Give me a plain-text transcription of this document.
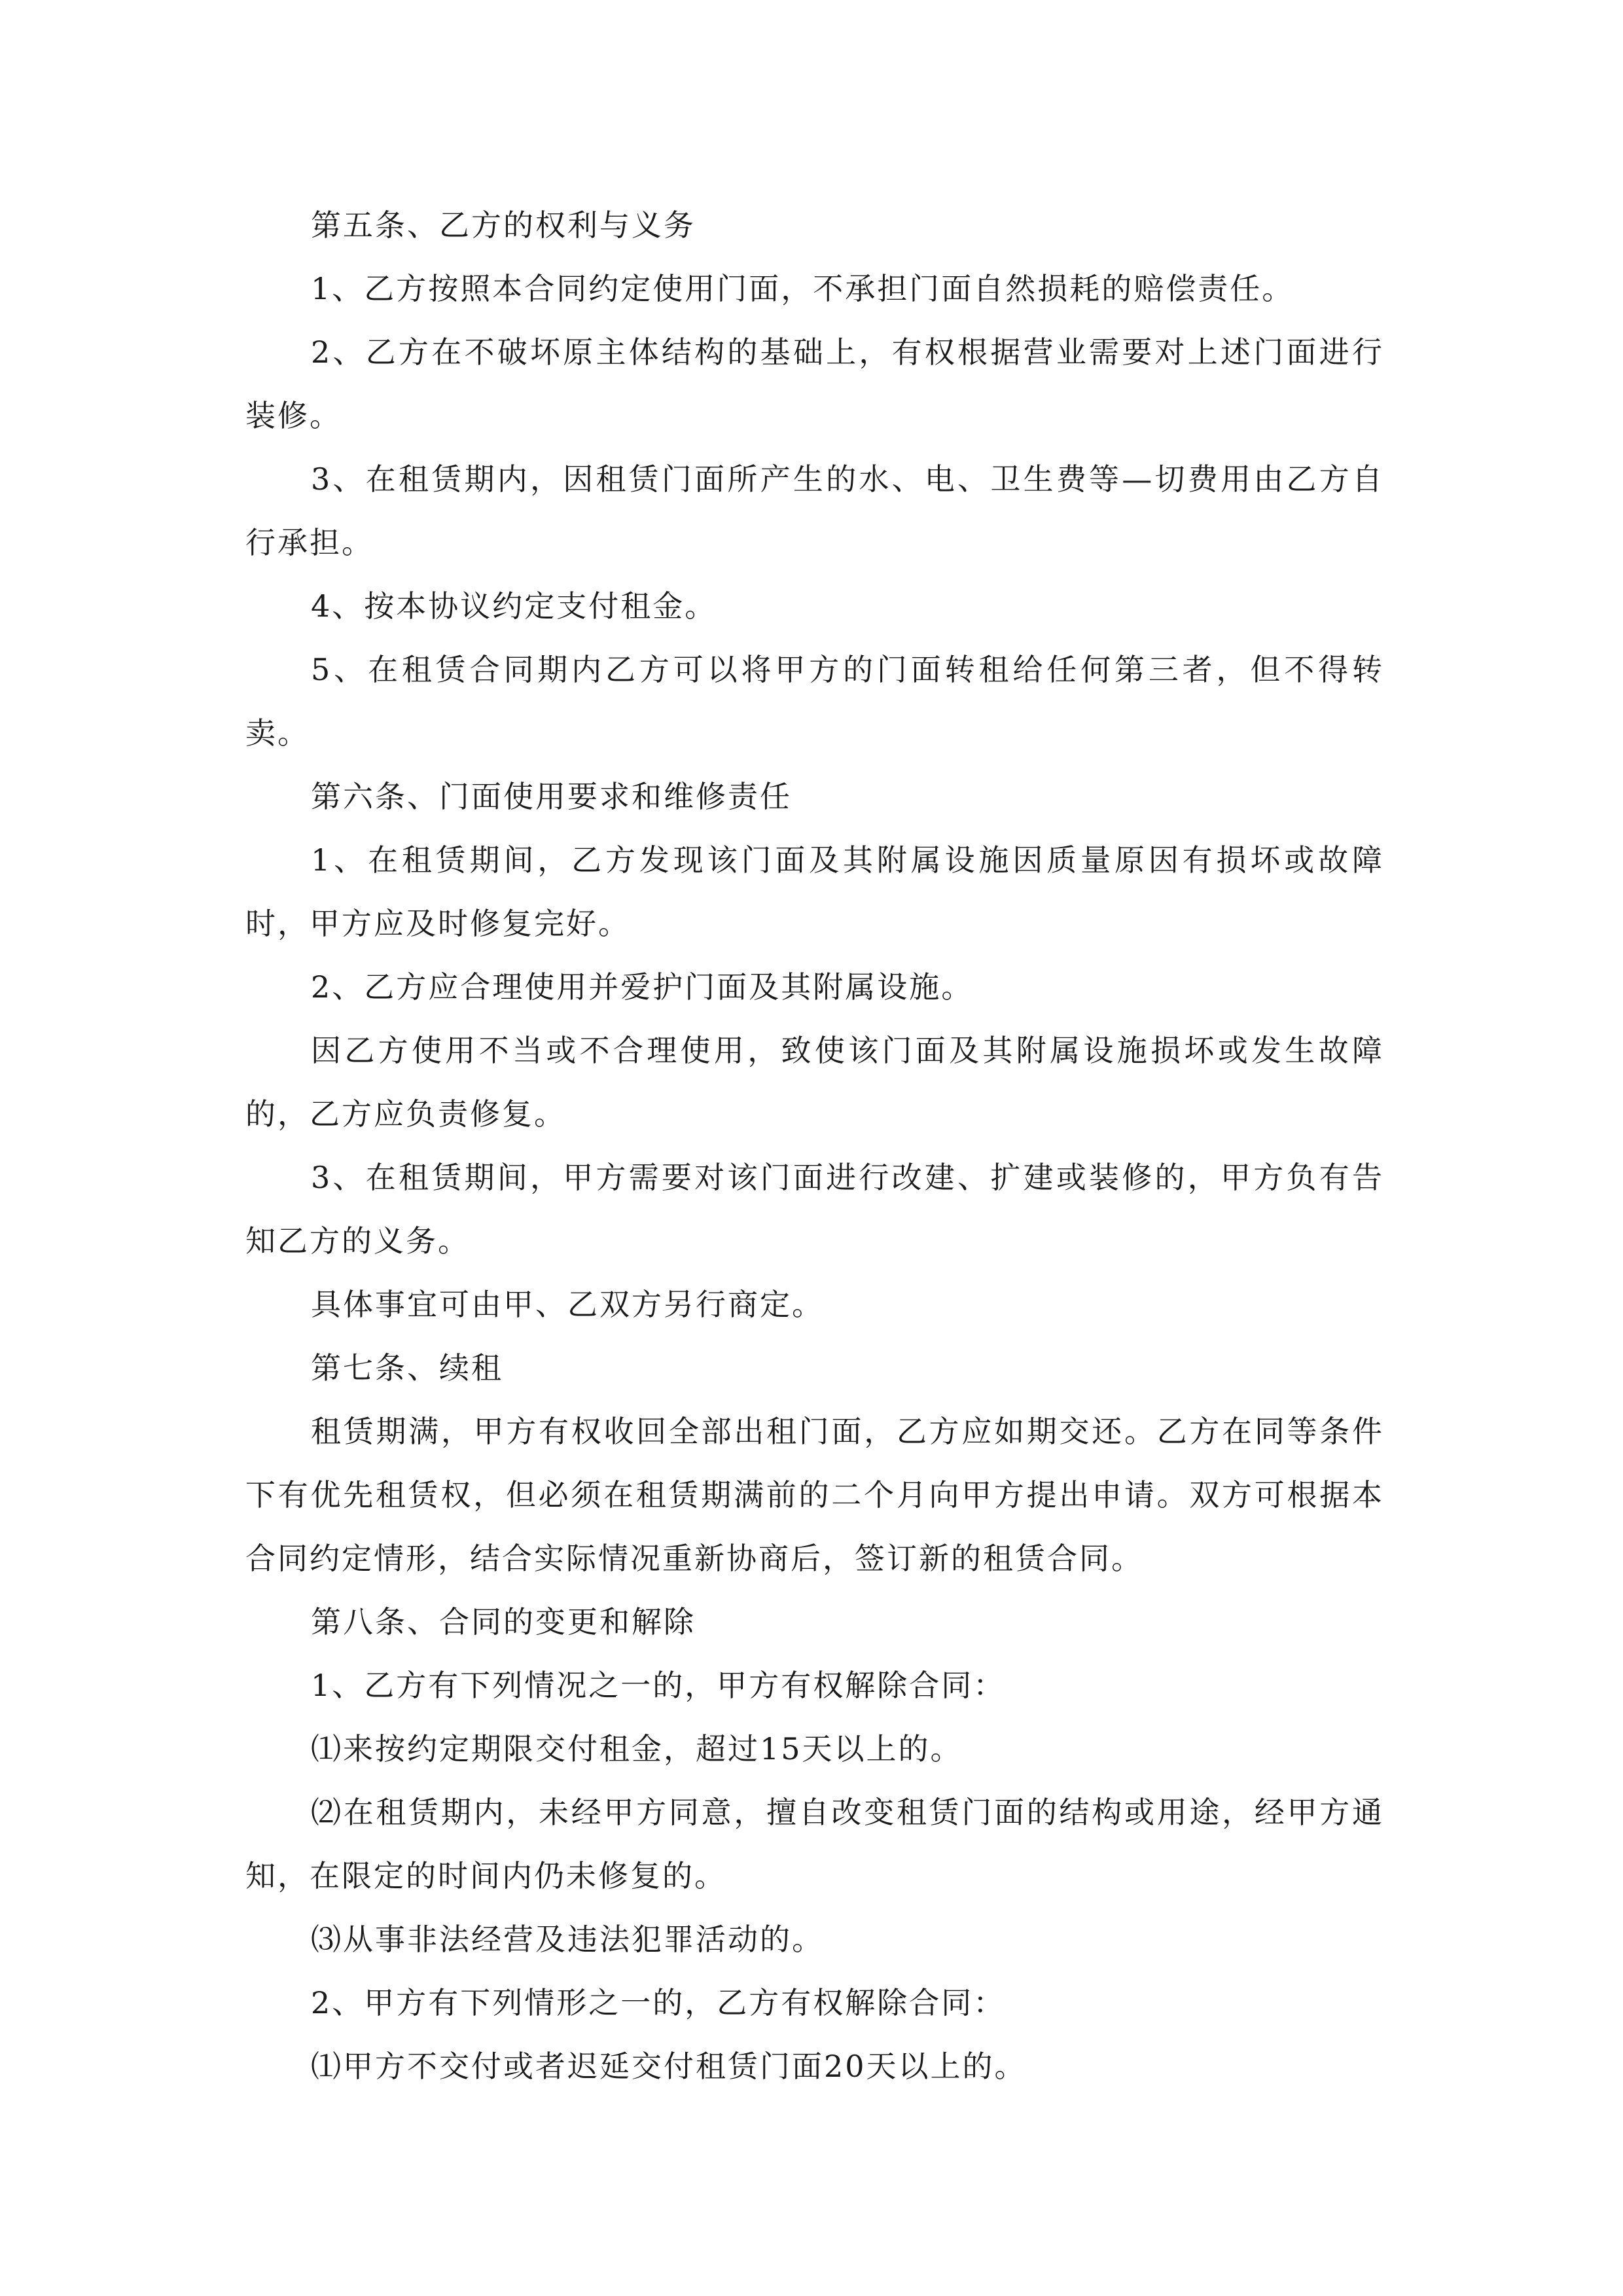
第五条、乙方的权利与义务

1、乙方按照本合同约定使用门面，不承担门面自然损耗的赔偿责任。

2、乙方在不破坏原主体结构的基础上，有权根据营业需要对上述门面进行装修。

3、在租赁期内，因租赁门面所产生的水、电、卫生费等—切费用由乙方自行承担。

4、按本协议约定支付租金。

5、在租赁合同期内乙方可以将甲方的门面转租给任何第三者，但不得转卖。

第六条、门面使用要求和维修责任

1、在租赁期间，乙方发现该门面及其附属设施因质量原因有损坏或故障时，甲方应及时修复完好。

2、乙方应合理使用并爱护门面及其附属设施。

因乙方使用不当或不合理使用，致使该门面及其附属设施损坏或发生故障的，乙方应负责修复。

3、在租赁期间，甲方需要对该门面进行改建、扩建或装修的，甲方负有告知乙方的义务。

具体事宜可由甲、乙双方另行商定。

第七条、续租

租赁期满，甲方有权收回全部出租门面，乙方应如期交还。乙方在同等条件下有优先租赁权，但必须在租赁期满前的二个月向甲方提出申请。双方可根据本合同约定情形，结合实际情况重新协商后，签订新的租赁合同。

第八条、合同的变更和解除

1、乙方有下列情况之一的，甲方有权解除合同：

⑴来按约定期限交付租金，超过15天以上的。

⑵在租赁期内，未经甲方同意，擅自改变租赁门面的结构或用途，经甲方通知，在限定的时间内仍未修复的。

⑶从事非法经营及违法犯罪活动的。

2、甲方有下列情形之一的，乙方有权解除合同：

⑴甲方不交付或者迟延交付租赁门面20天以上的。
